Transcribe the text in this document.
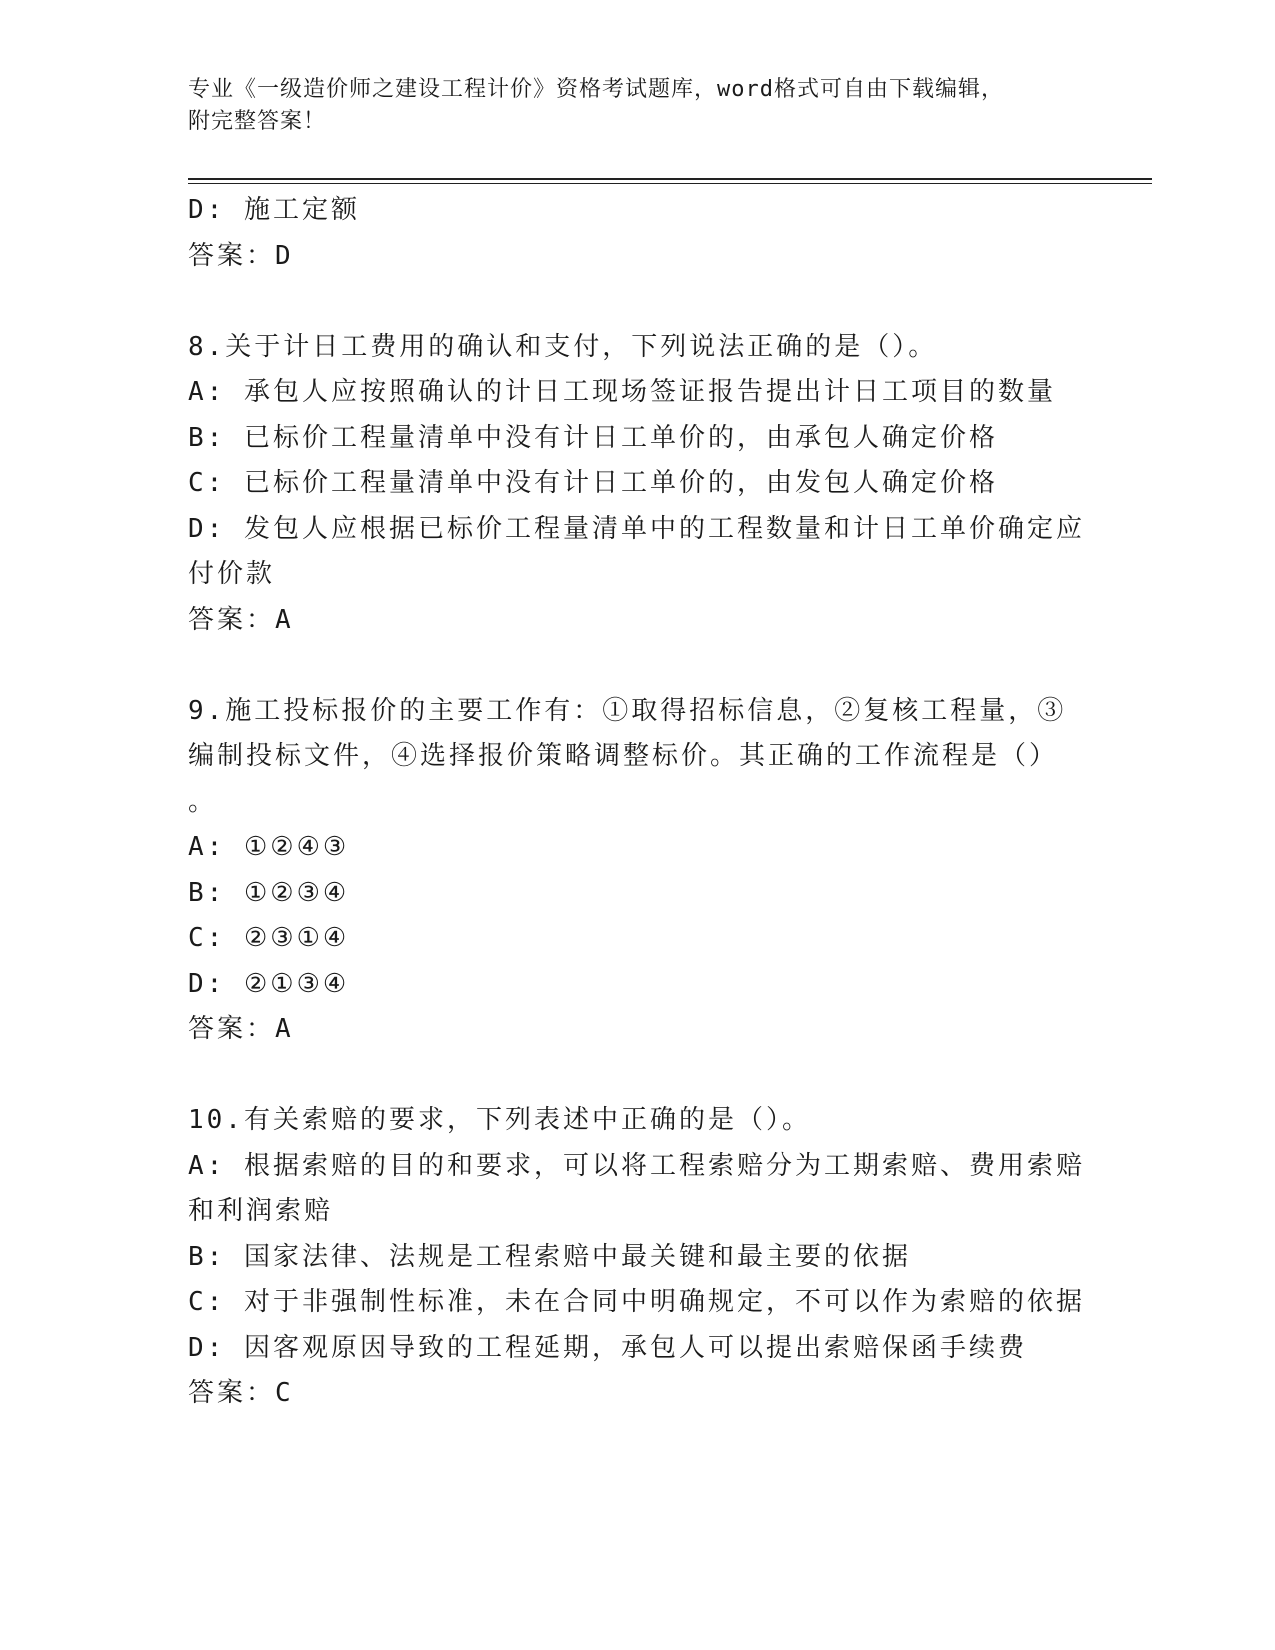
专业《一级造价师之建设工程计价》资格考试题库，word格式可自由下载编辑，
附完整答案！
D: 施工定额
答案：D
8.关于计日工费用的确认和支付，下列说法正确的是（）。
A: 承包人应按照确认的计日工现场签证报告提出计日工项目的数量
B: 已标价工程量清单中没有计日工单价的，由承包人确定价格
C: 已标价工程量清单中没有计日工单价的，由发包人确定价格
D: 发包人应根据已标价工程量清单中的工程数量和计日工单价确定应
付价款
答案：A
9.施工投标报价的主要工作有：①取得招标信息，②复核工程量，③
编制投标文件，④选择报价策略调整标价。其正确的工作流程是（）
。
A: ①②④③
B: ①②③④
C: ②③①④
D: ②①③④
答案：A
10.有关索赔的要求，下列表述中正确的是（）。
A: 根据索赔的目的和要求，可以将工程索赔分为工期索赔、费用索赔
和利润索赔
B: 国家法律、法规是工程索赔中最关键和最主要的依据
C: 对于非强制性标准，未在合同中明确规定，不可以作为索赔的依据
D: 因客观原因导致的工程延期，承包人可以提出索赔保函手续费
答案：C
